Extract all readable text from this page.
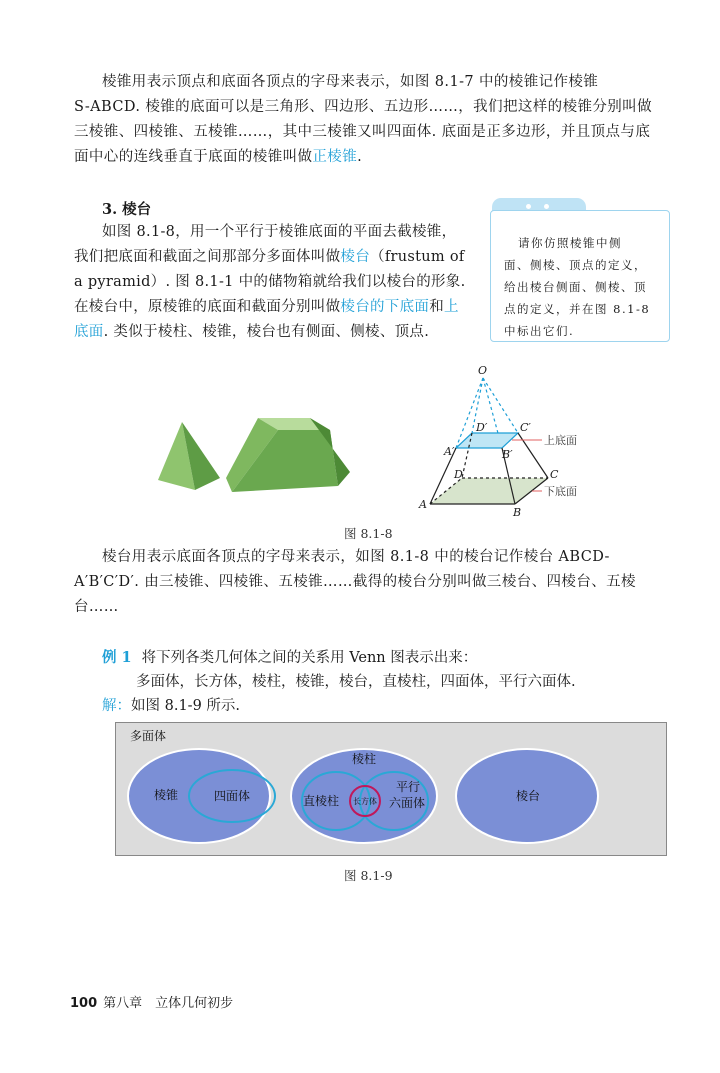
棱锥用表示顶点和底面各顶点的字母来表示，如图 8.1-7 中的棱锥记作棱锥

S-ABCD. 棱锥的底面可以是三角形、四边形、五边形……，我们把这样的棱锥分别叫做

三棱锥、四棱锥、五棱锥……，其中三棱锥又叫四面体. 底面是正多边形，并且顶点与底

面中心的连线垂直于底面的棱锥叫做正棱锥.

3. 棱台

如图 8.1-8，用一个平行于棱锥底面的平面去截棱锥，

我们把底面和截面之间那部分多面体叫做棱台（frustum of

a pyramid）. 图 8.1-1 中的储物箱就给我们以棱台的形象.

在棱台中，原棱锥的底面和截面分别叫做棱台的下底面和上

底面. 类似于棱柱、棱锥，棱台也有侧面、侧棱、顶点.

请你仿照棱锥中侧
面、侧棱、顶点的定义，
给出棱台侧面、侧棱、顶
点的定义，并在图 8.1-8
中标出它们.
O
A
B
C
D
A′	B′
C′
D′
上底面
下底面
图 8.1-8

棱台用表示底面各顶点的字母来表示，如图 8.1-8 中的棱台记作棱台 ABCD-

A′B′C′D′. 由三棱锥、四棱锥、五棱锥……截得的棱台分别叫做三棱台、四棱台、五棱

台……

例 1 将下列各类几何体之间的关系用 Venn 图表示出来：
多面体，长方体，棱柱，棱锥，棱台，直棱柱，四面体，平行六面体.
解：如图 8.1-9 所示.
多面体
棱锥	四面体
棱柱
直棱柱 长方体
平行
六面体	棱台
图 8.1-9
100 第八章　立体几何初步
